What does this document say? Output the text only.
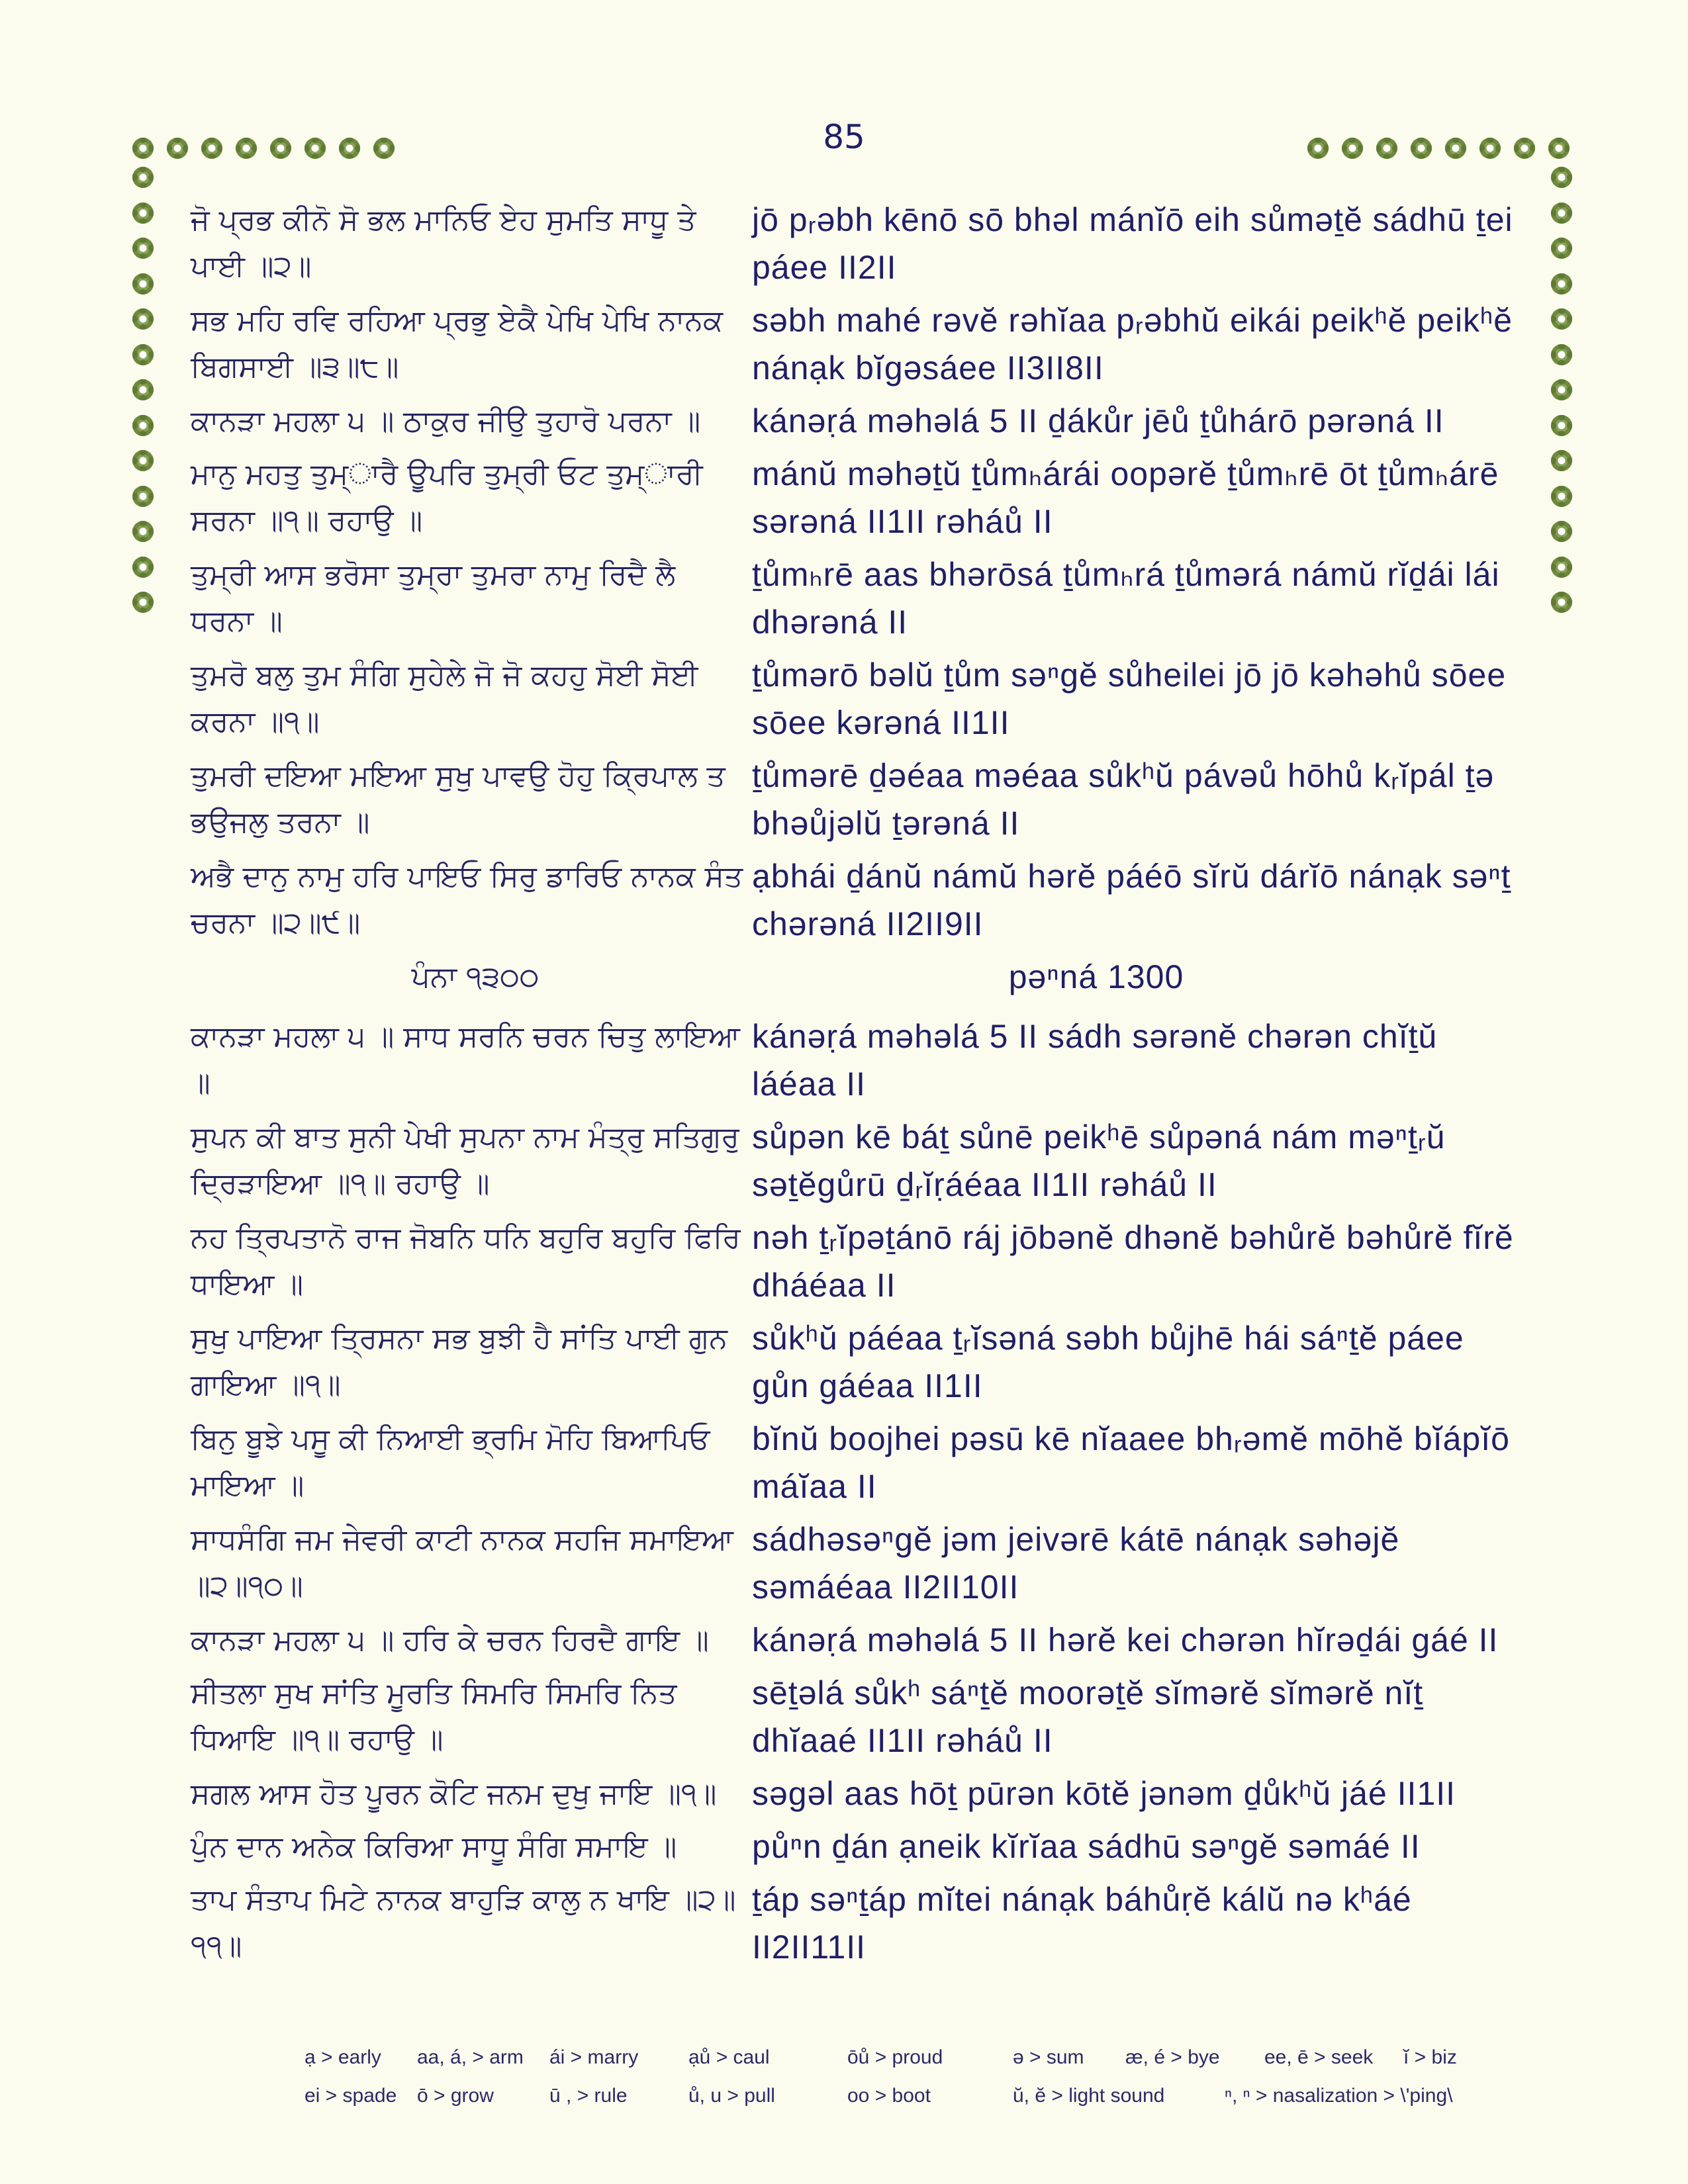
85
ਜੋ ਪ੍ਰਭ ਕੀਨੋ ਸੋ ਭਲ ਮਾਨਿਓ ਏਹ ਸੁਮਤਿ ਸਾਧੂ ਤੇ ਪਾਈ ॥੨॥
jō pᵣəbh kēnō sō bhəl mánĭō eih sůməṯĕ sádhū ṯei páee II2II
ਸਭ ਮਹਿ ਰਵਿ ਰਹਿਆ ਪ੍ਰਭੁ ਏਕੈ ਪੇਖਿ ਪੇਖਿ ਨਾਨਕ ਬਿਗਸਾਈ ॥੩॥੮॥
səbh mahé rəvĕ rəhĭaa pᵣəbhŭ eikái peikʰĕ peikʰĕ nánạk bĭgəsáee II3II8II
ਕਾਨੜਾ ਮਹਲਾ ੫ ॥ ਠਾਕੁਰ ਜੀਉ ਤੁਹਾਰੋ ਪਰਨਾ ॥	kánəṛá məhəlá 5 II ḏákůr jēů ṯůhárō pərəná II
ਮਾਨੁ ਮਹਤੁ ਤੁਮ੍ਾਰੈ ਊਪਰਿ ਤੁਮ੍ਰੀ ਓਟ ਤੁਮ੍ਾਰੀ ਸਰਨਾ ॥੧॥ ਰਹਾਉ ॥
mánŭ məhəṯŭ ṯůmₕárái oopərĕ ṯůmₕrē ōt ṯůmₕárē sərəná II1II rəháů II
ਤੁਮ੍ਰੀ ਆਸ ਭਰੋਸਾ ਤੁਮ੍ਰਾ ਤੁਮਰਾ ਨਾਮੁ ਰਿਦੈ ਲੈ ਧਰਨਾ ॥
ṯůmₕrē aas bhərōsá ṯůmₕrá ṯůmərá námŭ rĭḏái lái dhərəná II
ਤੁਮਰੋ ਬਲੁ ਤੁਮ ਸੰਗਿ ਸੁਹੇਲੇ ਜੋ ਜੋ ਕਹਹੁ ਸੋਈ ਸੋਈ ਕਰਨਾ ॥੧॥
ṯůmərō bəlŭ ṯům səⁿgĕ sůheilei jō jō kəhəhů sōee sōee kərəná II1II
ਤੁਮਰੀ ਦਇਆ ਮਇਆ ਸੁਖੁ ਪਾਵਉ ਹੋਹੁ ਕ੍ਰਿਪਾਲ ਤ ਭਉਜਲੁ ਤਰਨਾ ॥
ṯůmərē ḏəéaa məéaa sůkʰŭ pávəů hōhů kᵣĭpál ṯə bhəůjəlŭ ṯərəná II
ਅਭੈ ਦਾਨੁ ਨਾਮੁ ਹਰਿ ਪਾਇਓ ਸਿਰੁ ਡਾਰਿਓ ਨਾਨਕ ਸੰਤ ਚਰਨਾ ॥੨॥੯॥
ạbhái ḏánŭ námŭ hərĕ páéō sĭrŭ dárĭō nánạk səⁿṯ chərəná II2II9II
ਪੰਨਾ ੧੩੦੦	pəⁿná 1300
ਕਾਨੜਾ ਮਹਲਾ ੫ ॥ ਸਾਧ ਸਰਨਿ ਚਰਨ ਚਿਤੁ ਲਾਇਆ ॥
kánəṛá məhəlá 5 II sádh sərənĕ chərən chĭṯŭ láéaa II
ਸੁਪਨ ਕੀ ਬਾਤ ਸੁਨੀ ਪੇਖੀ ਸੁਪਨਾ ਨਾਮ ਮੰਤ੍ਰੁ ਸਤਿਗੁਰੁ ਦ੍ਰਿੜਾਇਆ ॥੧॥ ਰਹਾਉ ॥
sůpən kē báṯ sůnē peikʰē sůpəná nám məⁿṯᵣŭ səṯĕgůrū ḏᵣĭṛáéaa II1II rəháů II
ਨਹ ਤ੍ਰਿਪਤਾਨੋ ਰਾਜ ਜੋਬਨਿ ਧਨਿ ਬਹੁਰਿ ਬਹੁਰਿ ਫਿਰਿ ਧਾਇਆ ॥
nəh ṯᵣĭpəṯánō ráj jōbənĕ dhənĕ bəhůrĕ bəhůrĕ fĭrĕ dháéaa II
ਸੁਖੁ ਪਾਇਆ ਤ੍ਰਿਸਨਾ ਸਭ ਬੁਝੀ ਹੈ ਸਾਂਤਿ ਪਾਈ ਗੁਨ ਗਾਇਆ ॥੧॥
sůkʰŭ páéaa ṯᵣĭsəná səbh bůjhē hái sáⁿṯĕ páee gůn gáéaa II1II
ਬਿਨੁ ਬੂਝੇ ਪਸੂ ਕੀ ਨਿਆਈ ਭ੍ਰਮਿ ਮੋਹਿ ਬਿਆਪਿਓ ਮਾਇਆ ॥
bĭnŭ boojhei pəsū kē nĭaaee bhᵣəmĕ mōhĕ bĭápĭō máĭaa II
ਸਾਧਸੰਗਿ ਜਮ ਜੇਵਰੀ ਕਾਟੀ ਨਾਨਕ ਸਹਜਿ ਸਮਾਇਆ ॥੨॥੧੦॥
sádhəsəⁿgĕ jəm jeivərē kátē nánạk səhəjĕ səmáéaa II2II10II
ਕਾਨੜਾ ਮਹਲਾ ੫ ॥ ਹਰਿ ਕੇ ਚਰਨ ਹਿਰਦੈ ਗਾਇ ॥	kánəṛá məhəlá 5 II hərĕ kei chərən hĭrəḏái gáé II
ਸੀਤਲਾ ਸੁਖ ਸਾਂਤਿ ਮੂਰਤਿ ਸਿਮਰਿ ਸਿਮਰਿ ਨਿਤ ਧਿਆਇ ॥੧॥ ਰਹਾਉ ॥
sēṯəlá sůkʰ sáⁿṯĕ moorəṯĕ sĭmərĕ sĭmərĕ nĭṯ dhĭaaé II1II rəháů II
ਸਗਲ ਆਸ ਹੋਤ ਪੂਰਨ ਕੋਟਿ ਜਨਮ ਦੁਖੁ ਜਾਇ ॥੧॥	səgəl aas hōṯ pūrən kōtĕ jənəm ḏůkʰŭ jáé II1II
ਪੁੰਨ ਦਾਨ ਅਨੇਕ ਕਿਰਿਆ ਸਾਧੂ ਸੰਗਿ ਸਮਾਇ ॥	půⁿn ḏán ạneik kĭrĭaa sádhū səⁿgĕ səmáé II
ਤਾਪ ਸੰਤਾਪ ਮਿਟੇ ਨਾਨਕ ਬਾਹੁੜਿ ਕਾਲੁ ਨ ਖਾਇ ॥੨॥੧੧॥
ṯáp səⁿṯáp mĭtei nánạk báhůṛĕ kálŭ nə kʰáé II2II11II
ạ > early	aa, á, > arm	ái > marry	ạů > caul	ōů > proud	ə > sum	æ, é > bye	ee, ē > seek	ĭ > biz
ei > spade	ō > grow	ū , > rule	ů, u > pull	oo > boot	ŭ, ĕ > light sound	ⁿ, ⁿ > nasalization > \'ping\
